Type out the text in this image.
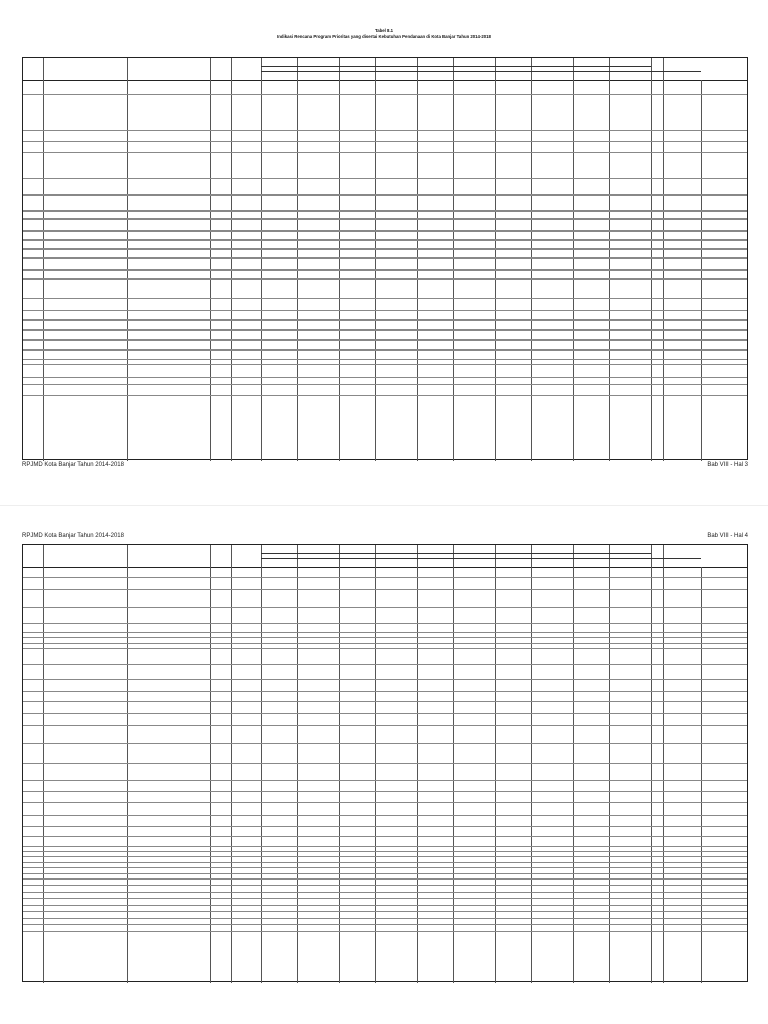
Tabel 8.1
Indikasi Rencana Program Prioritas yang disertai Kebutuhan Pendanaan di Kota Banjar Tahun 2014-2018
RPJMD Kota Banjar Tahun 2014-2018	Bab VIII - Hal 3
RPJMD Kota Banjar Tahun 2014-2018	Bab VIII - Hal 4
